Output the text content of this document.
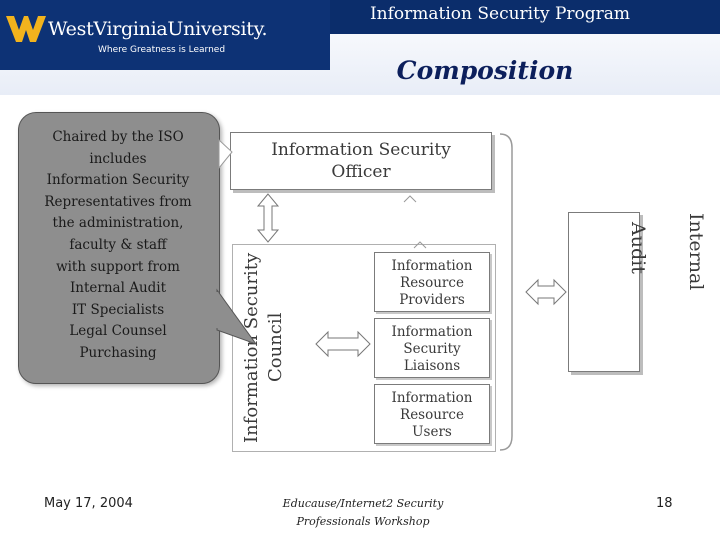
WestVirginiaUniversity.
Where Greatness is Learned
Information Security Program
Composition
Information Security
Officer
Information Security Council
Information
Resource
Providers
Information
Security
Liaisons
Information
Resource
Users
Internal Audit
Chaired by the ISO
includes
Information Security
Representatives from
the administration,
faculty & staff
with support from
Internal Audit
IT Specialists
Legal Counsel
Purchasing
May 17, 2004	Educause/Internet2 Security
Professionals Workshop
18
